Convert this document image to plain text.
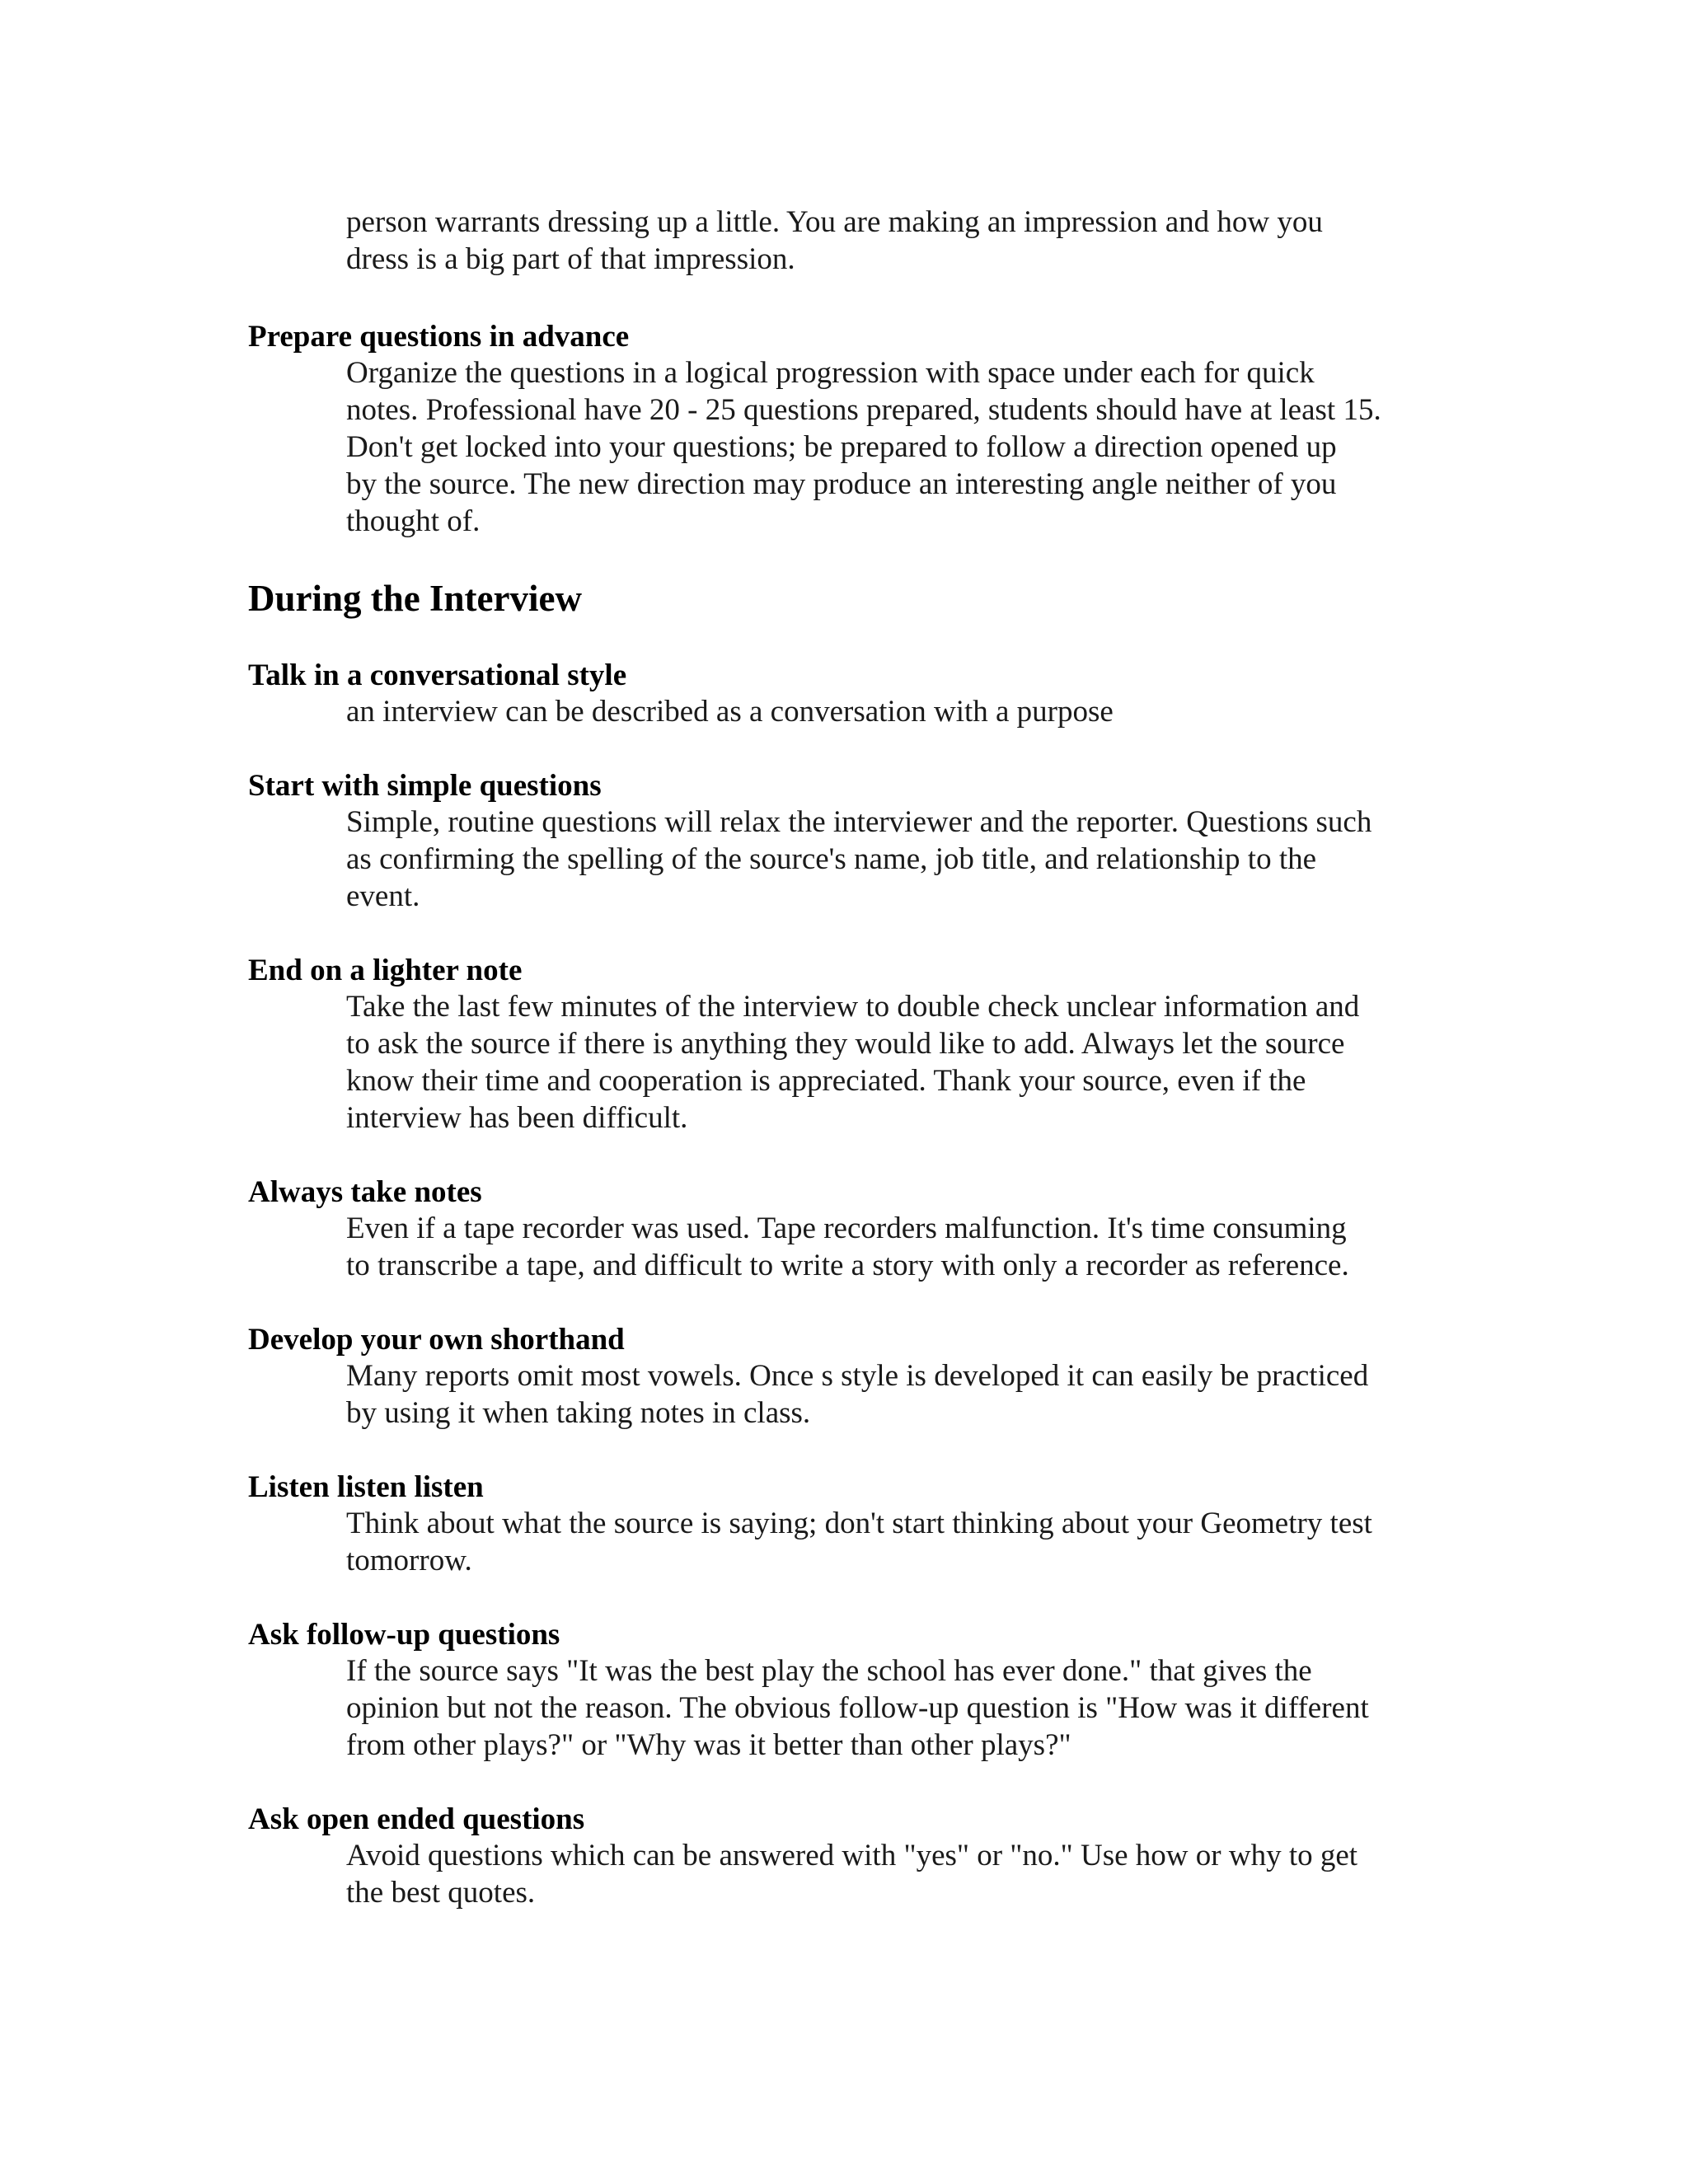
person warrants dressing up a little. You are making an impression and how you
dress is a big part of that impression.
Prepare questions in advance
Organize the questions in a logical progression with space under each for quick
notes. Professional have 20 - 25 questions prepared, students should have at least 15.
Don't get locked into your questions; be prepared to follow a direction opened up
by the source. The new direction may produce an interesting angle neither of you
thought of.
During the Interview
Talk in a conversational style
an interview can be described as a conversation with a purpose
Start with simple questions
Simple, routine questions will relax the interviewer and the reporter. Questions such
as confirming the spelling of the source's name, job title, and relationship to the
event.
End on a lighter note
Take the last few minutes of the interview to double check unclear information and
to ask the source if there is anything they would like to add. Always let the source
know their time and cooperation is appreciated. Thank your source, even if the
interview has been difficult.
Always take notes
Even if a tape recorder was used. Tape recorders malfunction. It's time consuming
to transcribe a tape, and difficult to write a story with only a recorder as reference.
Develop your own shorthand
Many reports omit most vowels. Once s style is developed it can easily be practiced
by using it when taking notes in class.
Listen listen listen
Think about what the source is saying; don't start thinking about your Geometry test
tomorrow.
Ask follow-up questions
If the source says "It was the best play the school has ever done." that gives the
opinion but not the reason. The obvious follow-up question is "How was it different
from other plays?" or "Why was it better than other plays?"
Ask open ended questions
Avoid questions which can be answered with "yes" or "no." Use how or why to get
the best quotes.
